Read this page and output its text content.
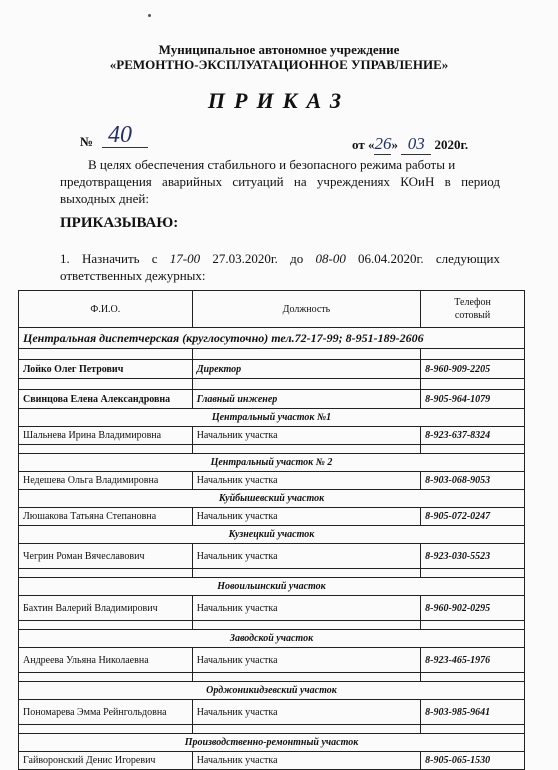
Муниципальное автономное учреждение
«РЕМОНТНО-ЭКСПЛУАТАЦИОННОЕ УПРАВЛЕНИЕ»
ПРИКАЗ
№ 40	от «26» 03 2020г.
В целях обеспечения стабильного и безопасного режима работы и
предотвращения аварийных ситуаций на учреждениях КОиН в период выходных дней:
ПРИКАЗЫВАЮ:
1. Назначить с 17-00 27.03.2020г. до 08-00 06.04.2020г. следующих ответственных дежурных:
Ф.И.О.	Должность	Телефон
сотовый
Центральная диспетчерская (круглосуточно) тел.72-17-99; 8-951-189-2606		

Лойко Олег Петрович	Директор	8-960-909-2205

Свинцова Елена Александровна	Главный инженер	8-905-964-1079
Центральный участок №1		
Шальнева Ирина Владимировна	Начальник участка	8-923-637-8324

Центральный участок № 2		
Недешева Ольга Владимировна	Начальник участка	8-903-068-9053
Куйбышевский участок		
Люшакова Татьяна Степановна	Начальник участка	8-905-072-0247
Кузнецкий участок		
Чегрин Роман Вячеславович	Начальник участка	8-923-030-5523

Новоильинский участок		
Бахтин Валерий Владимирович	Начальник участка	8-960-902-0295

Заводской участок		
Андреева Ульяна Николаевна	Начальник участка	8-923-465-1976

Орджоникидзевский участок		
Пономарева Эмма Рейнгольдовна	Начальник участка	8-903-985-9641

Производственно-ремонтный участок		
Гайворонский Денис Игоревич	Начальник участка	8-905-065-1530
